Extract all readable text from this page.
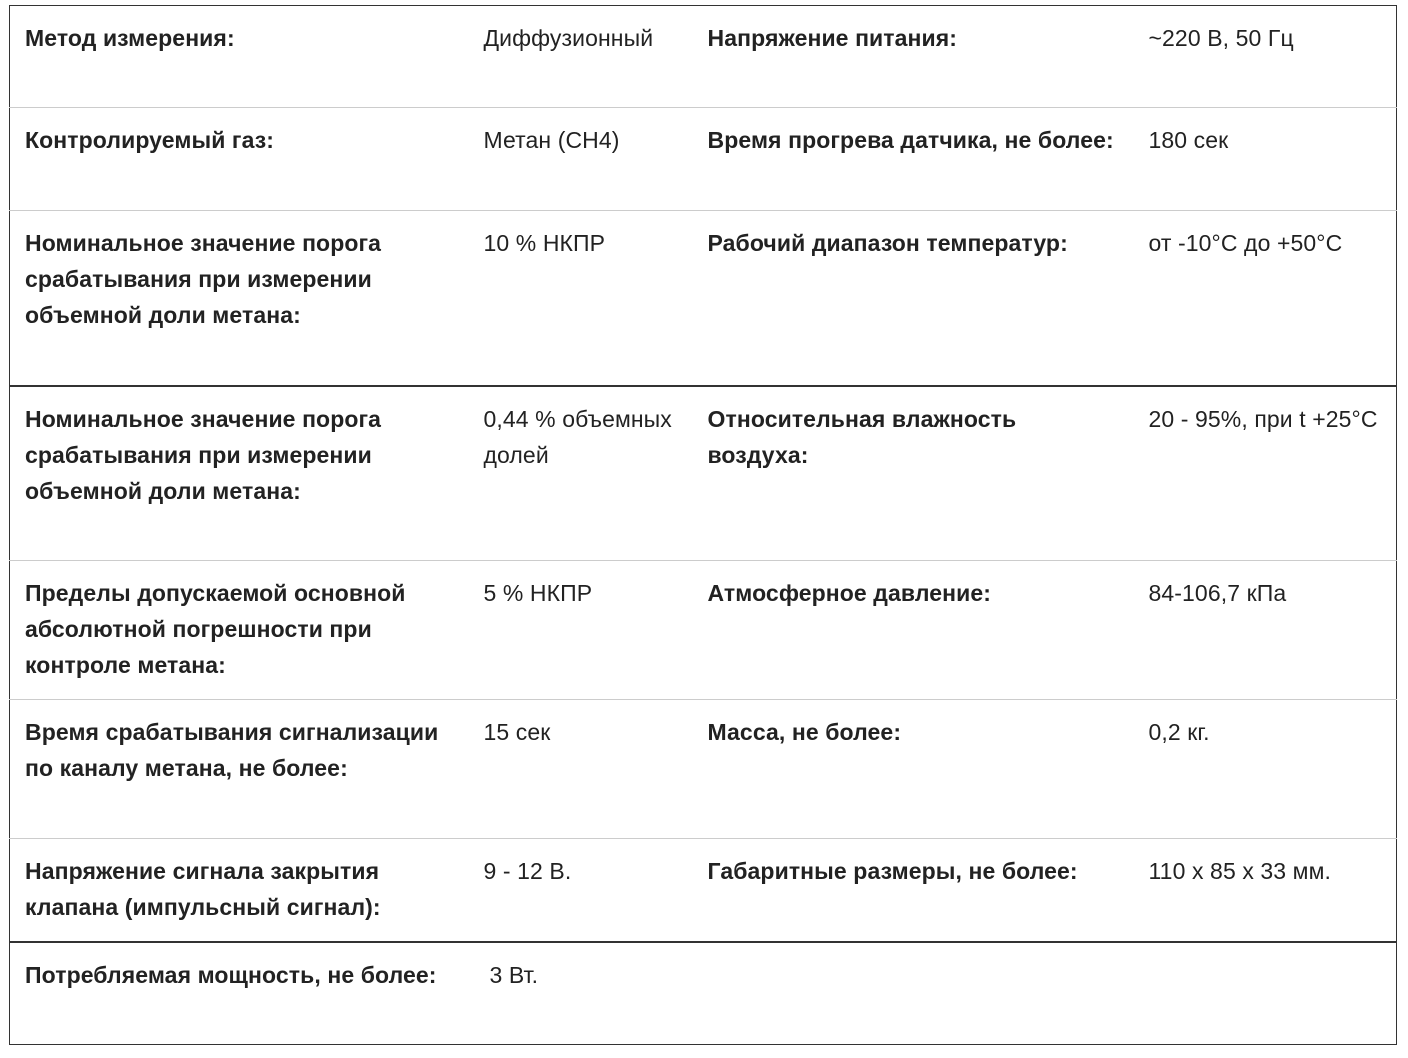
Метод измерения:	Диффузионный	Напряжение питания:	~220 В, 50 Гц
Контролируемый газ:	Метан (CH4)	Время прогрева датчика, не более:	180 сек
Номинальное значение порога срабатывания при измерении
объемной доли метана:	10 % НКПР	Рабочий диапазон температур:	от -10°С до +50°С
Номинальное значение порога срабатывания при измерении
объемной доли метана:	0,44 % объемных долей	Относительная влажность воздуха:	20 - 95%, при t +25°С
Пределы допускаемой основной абсолютной погрешности при контроле метана:	5 % НКПР	Атмосферное давление:	84-106,7 кПа
Время срабатывания сигнализации по каналу метана, не более:	15 сек	Масса, не более:	0,2 кг.
Напряжение сигнала закрытия клапана (импульсный сигнал):	9 - 12 В.	Габаритные размеры, не более:	110 х 85 х 33 мм.
Потребляемая мощность, не более:	3 Вт.		
